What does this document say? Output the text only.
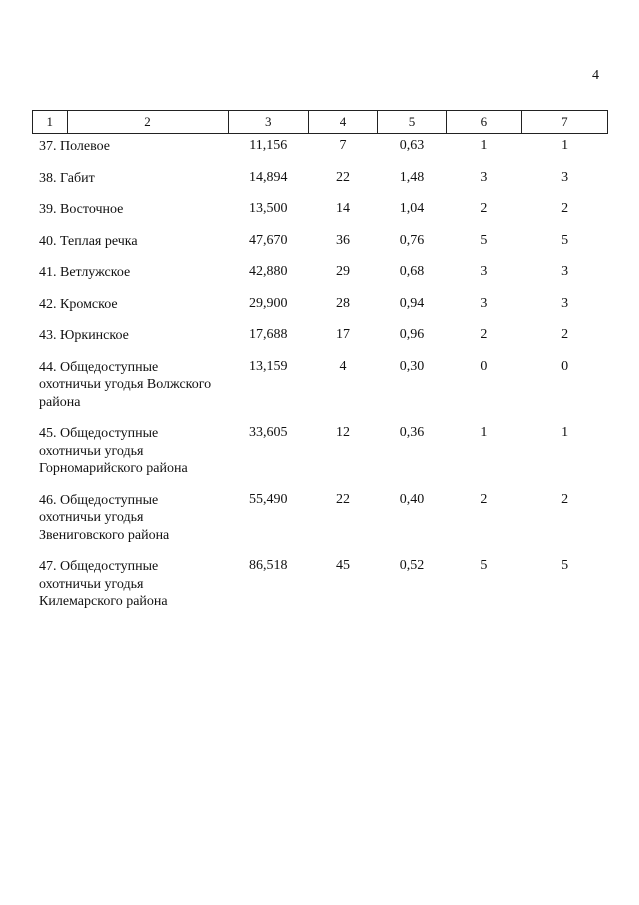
4
1	2	3	4	5	6	7

37. Полевое		11,156	7	0,63	1	1

38. Габит		14,894	22	1,48	3	3

39. Восточное		13,500	14	1,04	2	2

40. Теплая речка		47,670	36	0,76	5	5

41. Ветлужское		42,880	29	0,68	3	3

42. Кромское		29,900	28	0,94	3	3

43. Юркинское		17,688	17	0,96	2	2

44. Общедоступные охотничьи угодья Волжского района		13,159	4	0,30	0	0

45. Общедоступные охотничьи угодья Горномарийского района		33,605	12	0,36	1	1

46. Общедоступные охотничьи угодья Звениговского района		55,490	22	0,40	2	2

47. Общедоступные охотничьи угодья Килемарского района		86,518	45	0,52	5	5
